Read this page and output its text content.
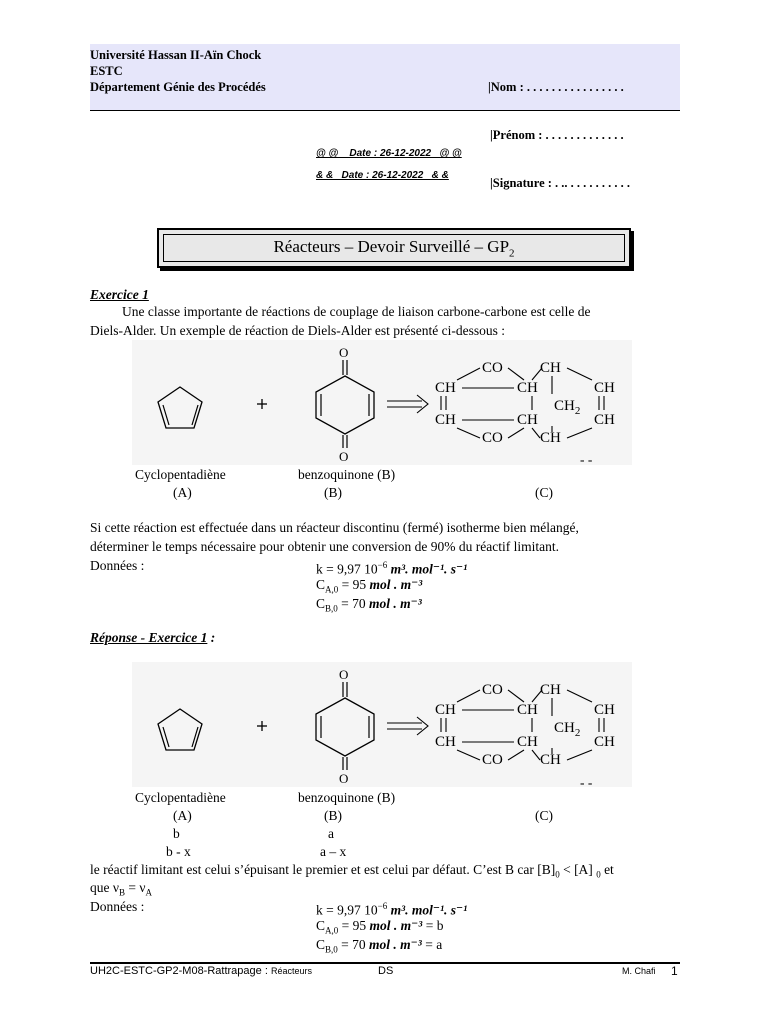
Université Hassan II-Aïn Chock
ESTC
Département Génie des Procédés

	|Nom : . . . . . . . . . . . . . . . .

|Prénom : . . . . . . . . . . . . .

|Signature : . .. . . . . . . . . . .

@ @    Date : 26-12-2022   @ @
& &   Date : 26-12-2022   & &
Réacteurs – Devoir Surveillé – $GP_2$
Exercice 1
Une classe importante de réactions de couplage de liaison carbone-carbone est celle de
Diels-Alder. Un exemple de réaction de Diels-Alder est présenté ci-dessous :
O
O
CO CH
CH	CH	CH
CH	CH	CH
CH
CO
$CH_2$
- -
Cyclopentadiène	benzoquinone (B)
(A)	(B)	(C)
Si cette réaction est effectuée dans un réacteur discontinu (fermé) isotherme bien mélangé,
déterminer le temps nécessaire pour obtenir une conversion de 90% du réactif limitant.
Données :	k = 9,97 $10^{-6}$ m³. mol⁻¹. s⁻¹
$C_{A,0} = 95$ mol . m⁻³
$C_{B,0} = 70$ mol . m⁻³
Réponse - Exercice 1 :
O
O
CO CH
CH	CH	CH
CH	CH	CH
CH
CO
$CH_2$
- -
Cyclopentadiène	benzoquinone (B)
(A)	(B)	(C)
b	a
b - x	a – x
le réactif limitant est celui s’épuisant le premier et est celui par défaut. C’est B car $[B]_0 < [A]$ $_0$ et
que $\nu_B = \nu_A$
Données :	k = 9,97 $10^{-6}$ m³. mol⁻¹. s⁻¹
$C_{A,0} = 95$ mol . m⁻³ = b
$C_{B,0} = 70$ mol . m⁻³ = a
UH2C-ESTC-GP2-M08-Rattrapage : Réacteurs	DS	M. Chafi 1
